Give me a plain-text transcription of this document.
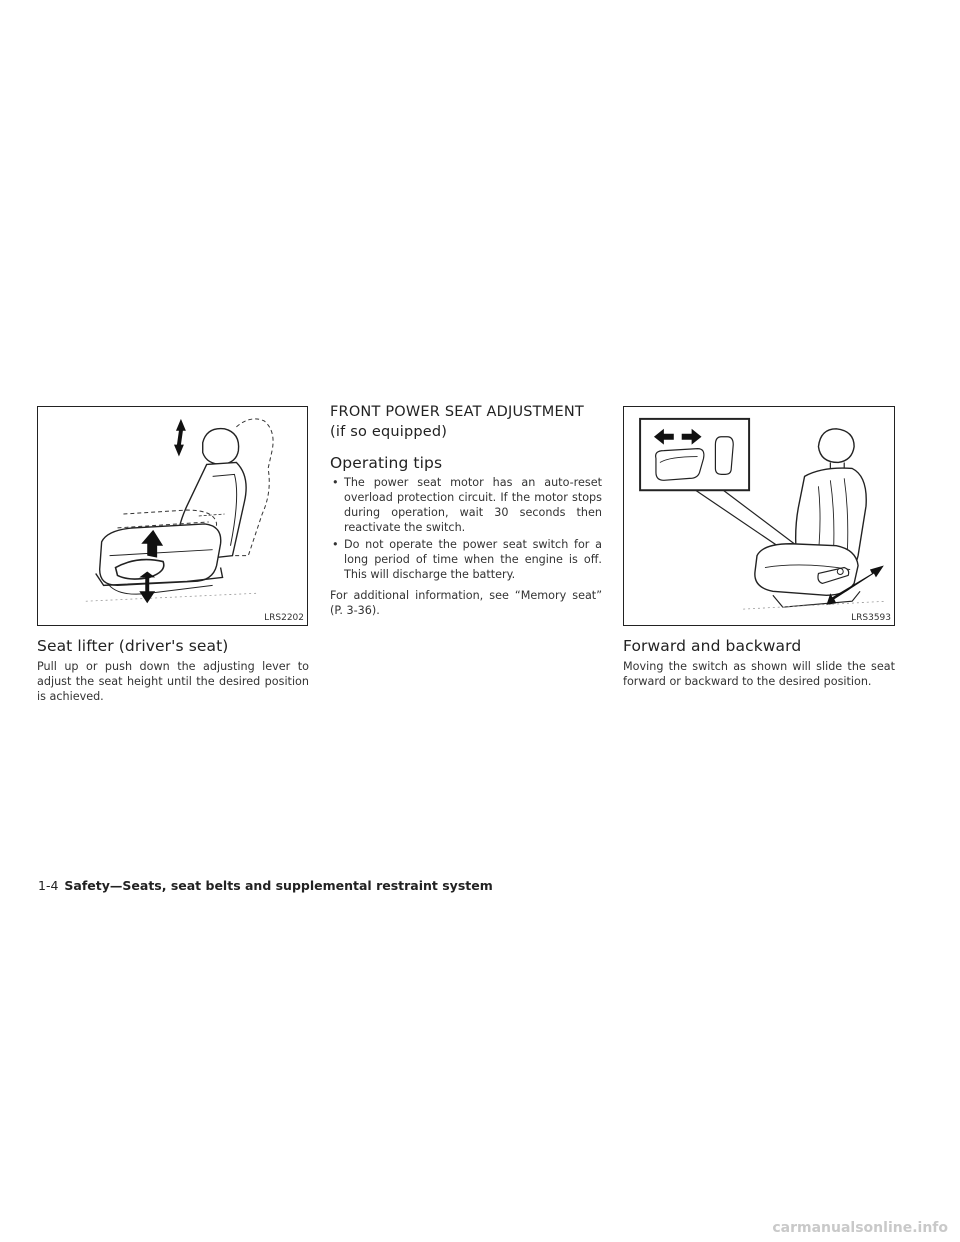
LRS2202
Seat lifter (driver's seat)

Pull up or push down the adjusting lever to adjust the seat height until the desired position is achieved.

FRONT POWER SEAT ADJUSTMENT
(if so equipped)
Operating tips

• The power seat motor has an auto-reset overload protection circuit. If the motor stops during operation, wait 30 seconds then reactivate the switch.

• Do not operate the power seat switch for a long period of time when the engine is off. This will discharge the battery.

For additional information, see “Memory seat” (P. 3-36).

LRS3593
Forward and backward

Moving the switch as shown will slide the seat forward or backward to the desired position.

1-4 Safety—Seats, seat belts and supplemental restraint system
carmanualsonline.info
